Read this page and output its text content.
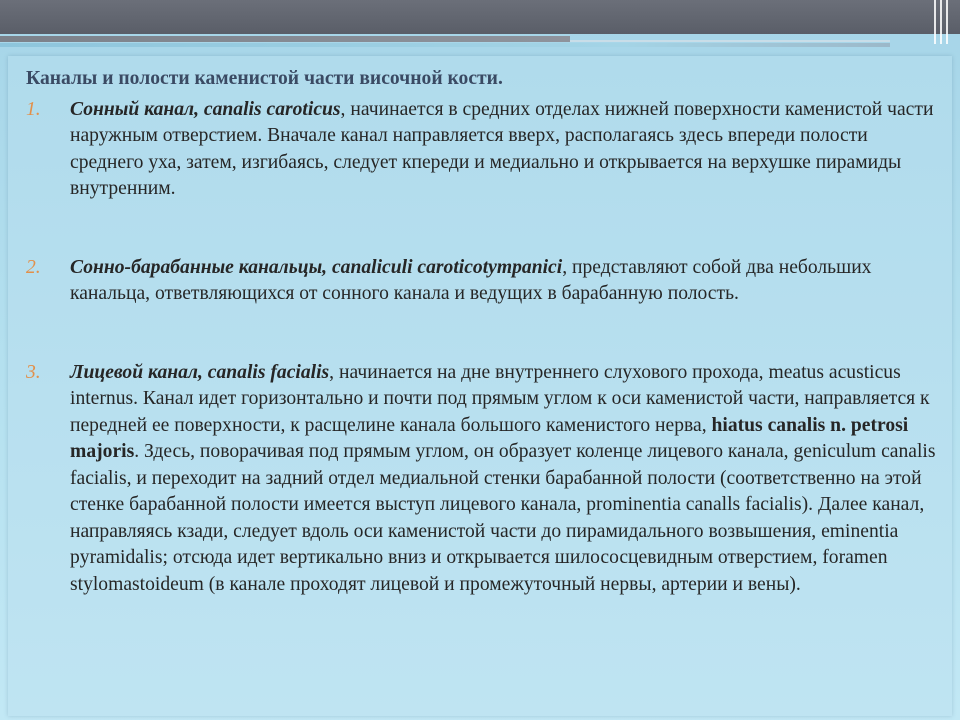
Каналы и полости каменистой части височной кости.

1. Сонный канал, canalis caroticus, начинается в средних отделах нижней поверхности каменистой части наружным отверстием. Вначале канал направляется вверх, располагаясь здесь впереди полости среднего уха, затем, изгибаясь, следует кпереди и медиально и открывается на верхушке пирамиды внутренним.

2. Сонно-барабанные канальцы, canaliculi caroticotympanici, представляют собой два небольших канальца, ответвляющихся от сонного канала и ведущих в барабанную полость.

3. Лицевой канал, canalis facialis, начинается на дне внутреннего слухового прохода, meatus acusticus internus. Канал идет горизонтально и почти под прямым углом к оси каменистой части, направляется к передней ее поверхности, к расщелине канала большого каменистого нерва, hiatus canalis n. petrosi majoris. Здесь, поворачивая под прямым углом, он образует коленце лицевого канала, geniculum canalis facialis, и переходит на задний отдел медиальной стенки барабанной полости (соответственно на этой стенке барабанной полости имеется выступ лицевого канала, prominentia canalls facialis). Далее канал, направляясь кзади, следует вдоль оси каменистой части до пирамидального возвышения, eminentia pyramidalis; отсюда идет вертикально вниз и открывается шилососцевидным отверстием, foramen stylomastoideum (в канале проходят лицевой и промежуточный нервы, артерии и вены).
